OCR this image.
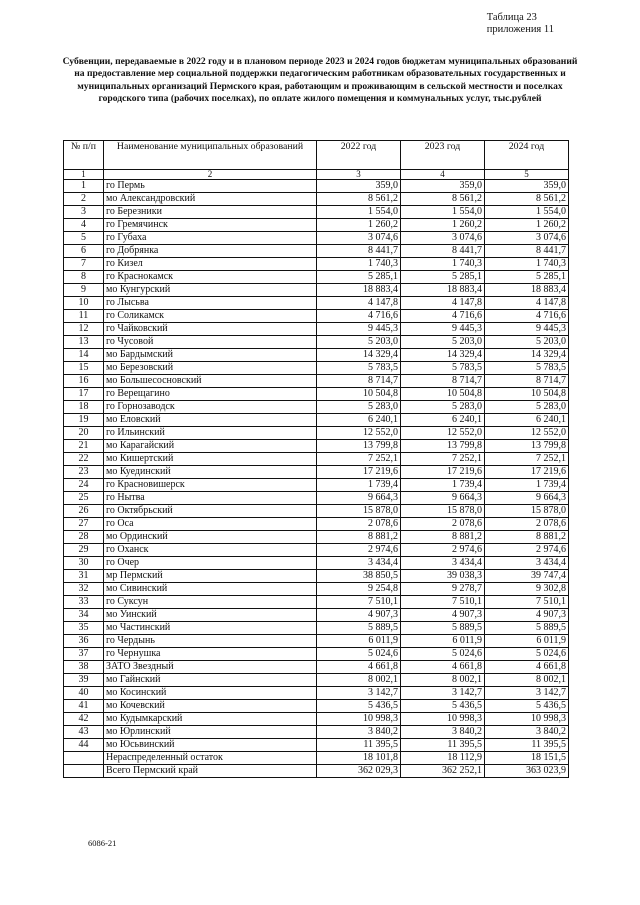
Таблица 23
приложения 11
Субвенции, передаваемые в 2022 году и в плановом периоде 2023 и 2024 годов бюджетам муниципальных образований на предоставление мер социальной поддержки педагогическим работникам образовательных государственных и муниципальных организаций Пермского края, работающим и проживающим в сельской местности и поселках городского типа (рабочих поселках), по оплате жилого помещения и коммунальных услуг, тыс.рублей
№ п/п	Наименование муниципальных образований	2022 год	2023 год	2024 год
1	2	3	4	5
1	го Пермь	359,0	359,0	359,0
2	мо Александровский	8 561,2	8 561,2	8 561,2
3	го Березники	1 554,0	1 554,0	1 554,0
4	го Гремячинск	1 260,2	1 260,2	1 260,2
5	го Губаха	3 074,6	3 074,6	3 074,6
6	го Добрянка	8 441,7	8 441,7	8 441,7
7	го Кизел	1 740,3	1 740,3	1 740,3
8	го Краснокамск	5 285,1	5 285,1	5 285,1
9	мо Кунгурский	18 883,4	18 883,4	18 883,4
10	го Лысьва	4 147,8	4 147,8	4 147,8
11	го Соликамск	4 716,6	4 716,6	4 716,6
12	го Чайковский	9 445,3	9 445,3	9 445,3
13	го Чусовой	5 203,0	5 203,0	5 203,0
14	мо Бардымский	14 329,4	14 329,4	14 329,4
15	мо Березовский	5 783,5	5 783,5	5 783,5
16	мо Большесосновский	8 714,7	8 714,7	8 714,7
17	го Верещагино	10 504,8	10 504,8	10 504,8
18	го Горнозаводск	5 283,0	5 283,0	5 283,0
19	мо Еловский	6 240,1	6 240,1	6 240,1
20	го Ильинский	12 552,0	12 552,0	12 552,0
21	мо Карагайский	13 799,8	13 799,8	13 799,8
22	мо Кишертский	7 252,1	7 252,1	7 252,1
23	мо Куединский	17 219,6	17 219,6	17 219,6
24	го Красновишерск	1 739,4	1 739,4	1 739,4
25	го Нытва	9 664,3	9 664,3	9 664,3
26	го Октябрьский	15 878,0	15 878,0	15 878,0
27	го Оса	2 078,6	2 078,6	2 078,6
28	мо Ординский	8 881,2	8 881,2	8 881,2
29	го Оханск	2 974,6	2 974,6	2 974,6
30	го Очер	3 434,4	3 434,4	3 434,4
31	мр Пермский	38 850,5	39 038,3	39 747,4
32	мо Сивинский	9 254,8	9 278,7	9 302,8
33	го Суксун	7 510,1	7 510,1	7 510,1
34	мо Уинский	4 907,3	4 907,3	4 907,3
35	мо Частинский	5 889,5	5 889,5	5 889,5
36	го Чердынь	6 011,9	6 011,9	6 011,9
37	го Чернушка	5 024,6	5 024,6	5 024,6
38	ЗАТО Звездный	4 661,8	4 661,8	4 661,8
39	мо Гайнский	8 002,1	8 002,1	8 002,1
40	мо Косинский	3 142,7	3 142,7	3 142,7
41	мо Кочевский	5 436,5	5 436,5	5 436,5
42	мо Кудымкарский	10 998,3	10 998,3	10 998,3
43	мо Юрлинский	3 840,2	3 840,2	3 840,2
44	мо Юсьвинский	11 395,5	11 395,5	11 395,5
	Нераспределенный остаток	18 101,8	18 112,9	18 151,5
	Всего Пермский край	362 029,3	362 252,1	363 023,9
6086-21
